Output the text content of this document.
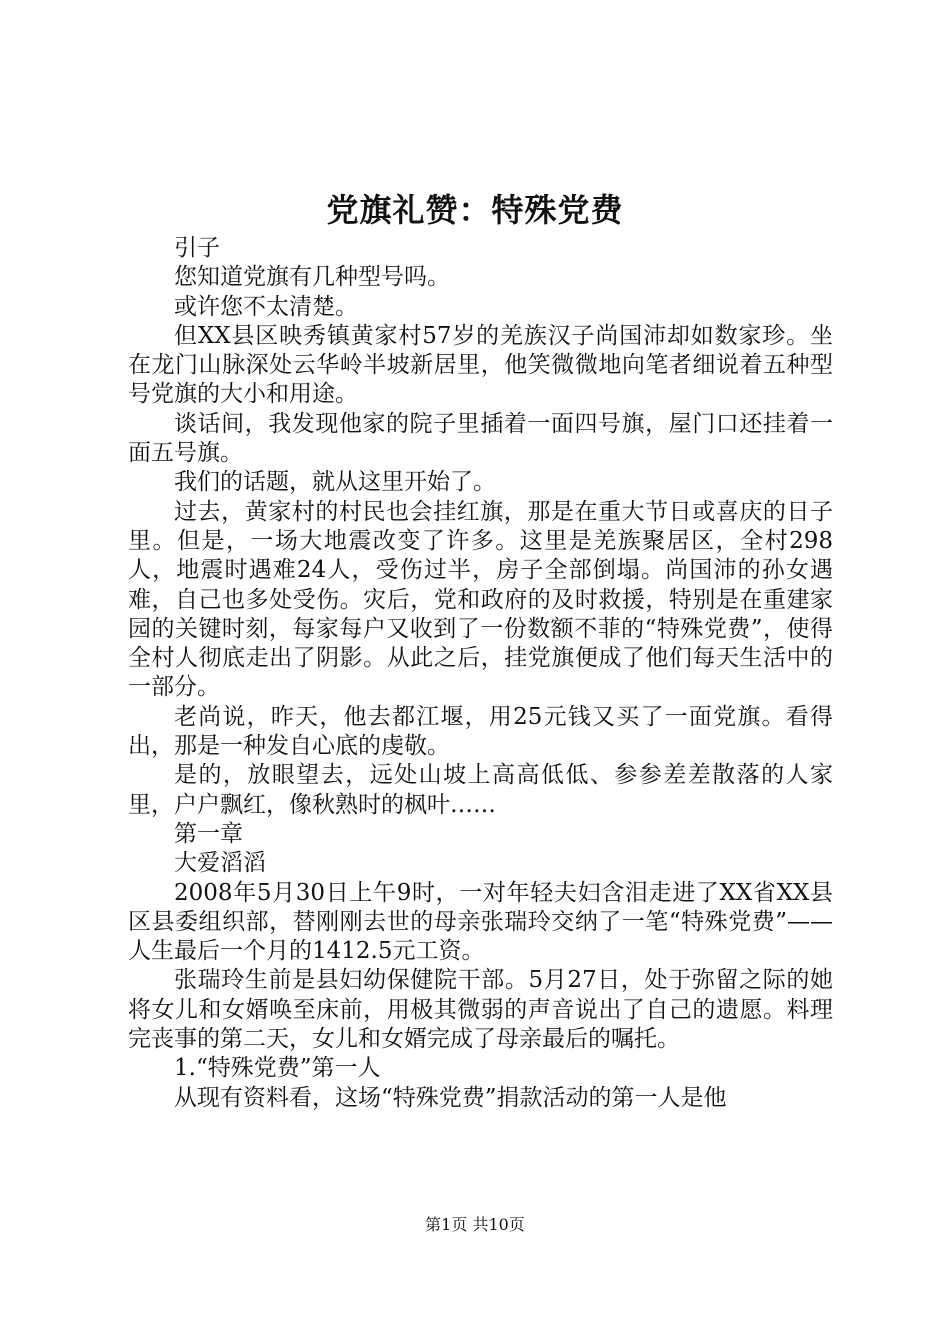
党旗礼赞：特殊党费

引子

您知道党旗有几种型号吗。

或许您不太清楚。

但XX县区映秀镇黄家村57岁的羌族汉子尚国沛却如数家珍。坐在龙门山脉深处云华岭半坡新居里，他笑微微地向笔者细说着五种型号党旗的大小和用途。

谈话间，我发现他家的院子里插着一面四号旗，屋门口还挂着一面五号旗。

我们的话题，就从这里开始了。

过去，黄家村的村民也会挂红旗，那是在重大节日或喜庆的日子里。但是，一场大地震改变了许多。这里是羌族聚居区，全村298人，地震时遇难24人，受伤过半，房子全部倒塌。尚国沛的孙女遇难，自己也多处受伤。灾后，党和政府的及时救援，特别是在重建家园的关键时刻，每家每户又收到了一份数额不菲的“特殊党费”，使得全村人彻底走出了阴影。从此之后，挂党旗便成了他们每天生活中的一部分。

老尚说，昨天，他去都江堰，用25元钱又买了一面党旗。看得出，那是一种发自心底的虔敬。

是的，放眼望去，远处山坡上高高低低、参参差差散落的人家里，户户飘红，像秋熟时的枫叶……

第一章

大爱滔滔

2008年5月30日上午9时，一对年轻夫妇含泪走进了XX省XX县区县委组织部，替刚刚去世的母亲张瑞玲交纳了一笔“特殊党费”——人生最后一个月的1412.5元工资。

张瑞玲生前是县妇幼保健院干部。5月27日，处于弥留之际的她将女儿和女婿唤至床前，用极其微弱的声音说出了自己的遗愿。料理完丧事的第二天，女儿和女婿完成了母亲最后的嘱托。

1.“特殊党费”第一人

从现有资料看，这场“特殊党费”捐款活动的第一人是他

第1页 共10页
